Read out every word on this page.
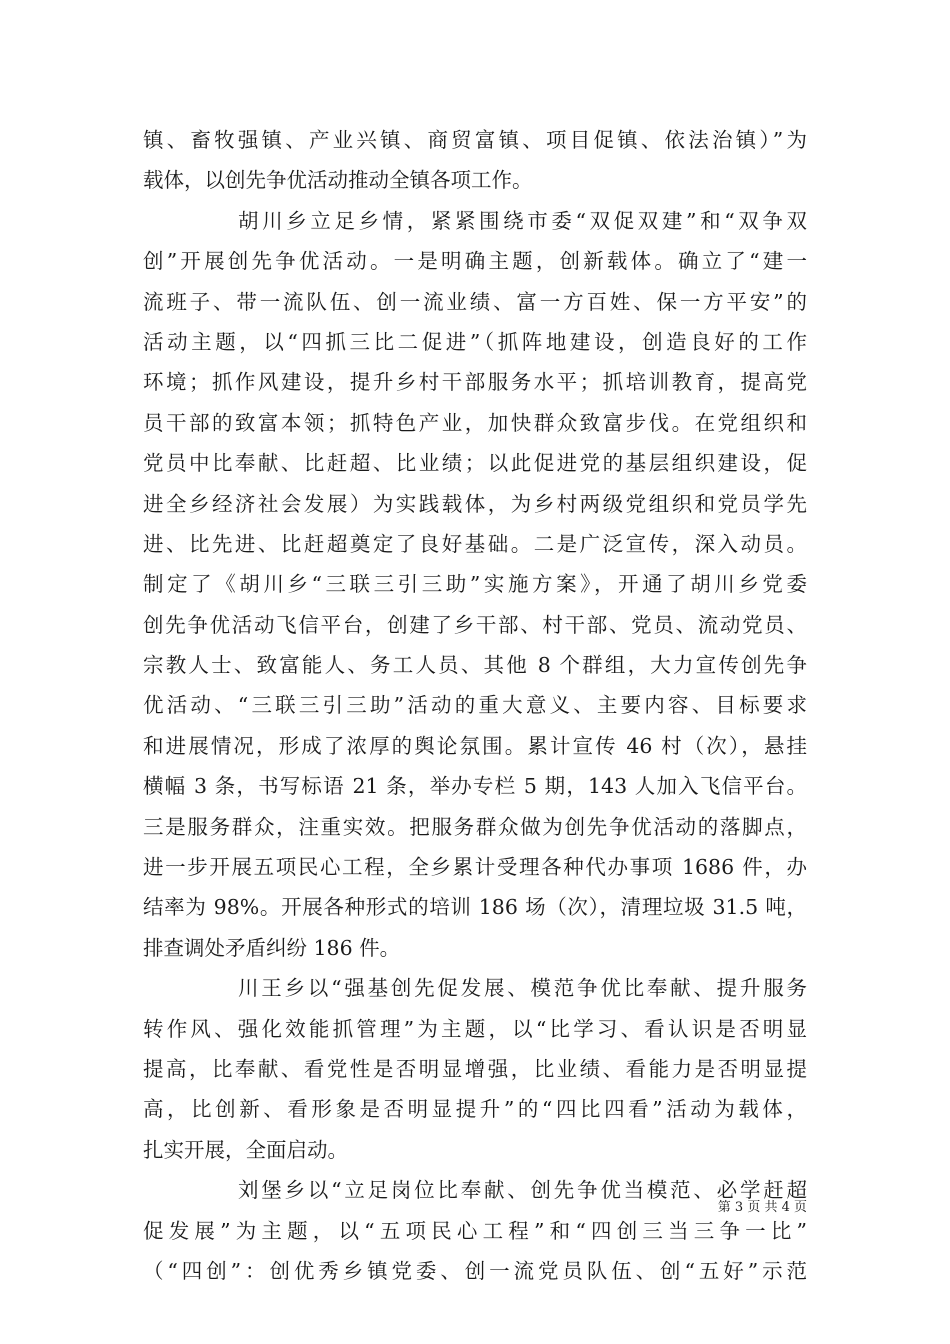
镇、畜牧强镇、产业兴镇、商贸富镇、项目促镇、依法治镇）”为
载体，以创先争优活动推动全镇各项工作。
胡川乡立足乡情，紧紧围绕市委“双促双建”和“双争双
创”开展创先争优活动。一是明确主题，创新载体。确立了“建一
流班子、带一流队伍、创一流业绩、富一方百姓、保一方平安”的
活动主题，以“四抓三比二促进”（抓阵地建设，创造良好的工作
环境；抓作风建设，提升乡村干部服务水平；抓培训教育，提高党
员干部的致富本领；抓特色产业，加快群众致富步伐。在党组织和
党员中比奉献、比赶超、比业绩；以此促进党的基层组织建设，促
进全乡经济社会发展）为实践载体，为乡村两级党组织和党员学先
进、比先进、比赶超奠定了良好基础。二是广泛宣传，深入动员。
制定了《胡川乡“三联三引三助”实施方案》，开通了胡川乡党委
创先争优活动飞信平台，创建了乡干部、村干部、党员、流动党员、
宗教人士、致富能人、务工人员、其他 8 个群组，大力宣传创先争
优活动、“三联三引三助”活动的重大意义、主要内容、目标要求
和进展情况，形成了浓厚的舆论氛围。累计宣传 46 村（次），悬挂
横幅 3 条，书写标语 21 条，举办专栏 5 期，143 人加入飞信平台。
三是服务群众，注重实效。把服务群众做为创先争优活动的落脚点，
进一步开展五项民心工程，全乡累计受理各种代办事项 1686 件，办
结率为 98%。开展各种形式的培训 186 场（次），清理垃圾 31.5 吨，
排查调处矛盾纠纷 186 件。
川王乡以“强基创先促发展、模范争优比奉献、提升服务
转作风、强化效能抓管理”为主题，以“比学习、看认识是否明显
提高，比奉献、看党性是否明显增强，比业绩、看能力是否明显提
高，比创新、看形象是否明显提升”的“四比四看”活动为载体，
扎实开展，全面启动。
刘堡乡以“立足岗位比奉献、创先争优当模范、必学赶超
促发展”为主题，以“五项民心工程”和“四创三当三争一比”
（“四创”：创优秀乡镇党委、创一流党员队伍、创“五好”示范
第 3 页 共 4 页
